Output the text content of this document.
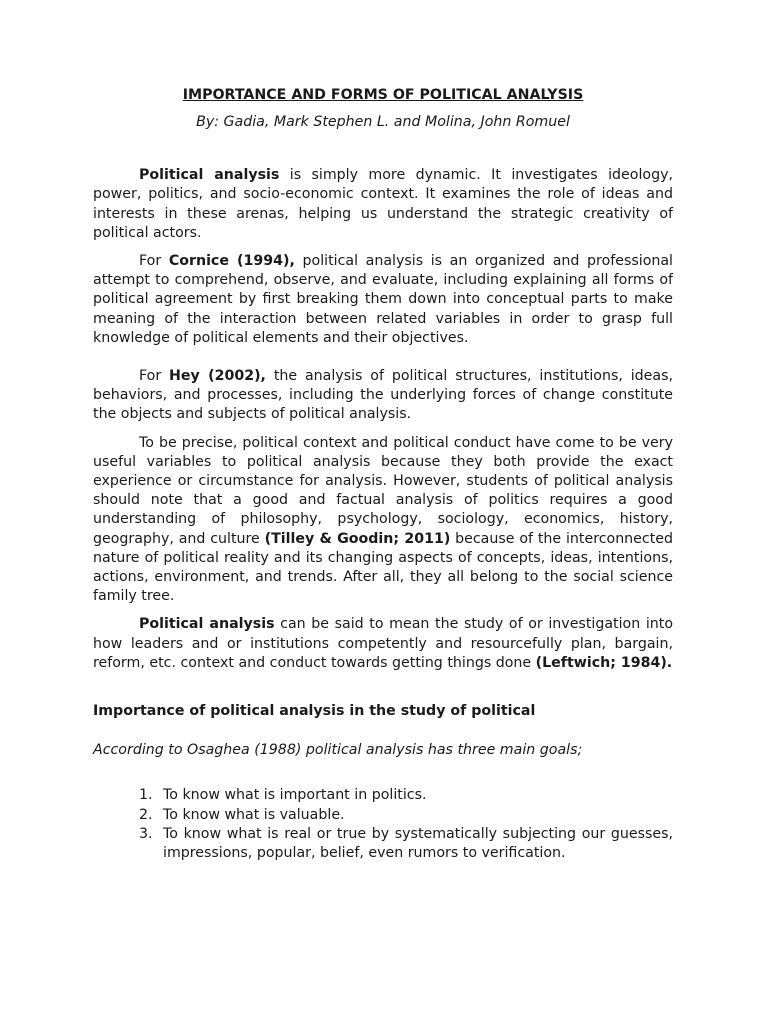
IMPORTANCE AND FORMS OF POLITICAL ANALYSIS

By: Gadia, Mark Stephen L. and Molina, John Romuel

Political analysis is simply more dynamic. It investigates ideology, power, politics, and socio-economic context. It examines the role of ideas and interests in these arenas, helping us understand the strategic creativity of political actors.

For Cornice (1994), political analysis is an organized and professional attempt to comprehend, observe, and evaluate, including explaining all forms of political agreement by first breaking them down into conceptual parts to make meaning of the interaction between related variables in order to grasp full knowledge of political elements and their objectives.

For Hey (2002), the analysis of political structures, institutions, ideas, behaviors, and processes, including the underlying forces of change constitute the objects and subjects of political analysis.

To be precise, political context and political conduct have come to be very useful variables to political analysis because they both provide the exact experience or circumstance for analysis. However, students of political analysis should note that a good and factual analysis of politics requires a good understanding of philosophy, psychology, sociology, economics, history, geography, and culture (Tilley & Goodin; 2011) because of the interconnected nature of political reality and its changing aspects of concepts, ideas, intentions, actions, environment, and trends. After all, they all belong to the social science family tree.

Political analysis can be said to mean the study of or investigation into how leaders and or institutions competently and resourcefully plan, bargain, reform, etc. context and conduct towards getting things done (Leftwich; 1984).

Importance of political analysis in the study of political

According to Osaghea (1988) political analysis has three main goals;

1. To know what is important in politics.
2. To know what is valuable.
3. To know what is real or true by systematically subjecting our guesses, impressions, popular, belief, even rumors to verification.
